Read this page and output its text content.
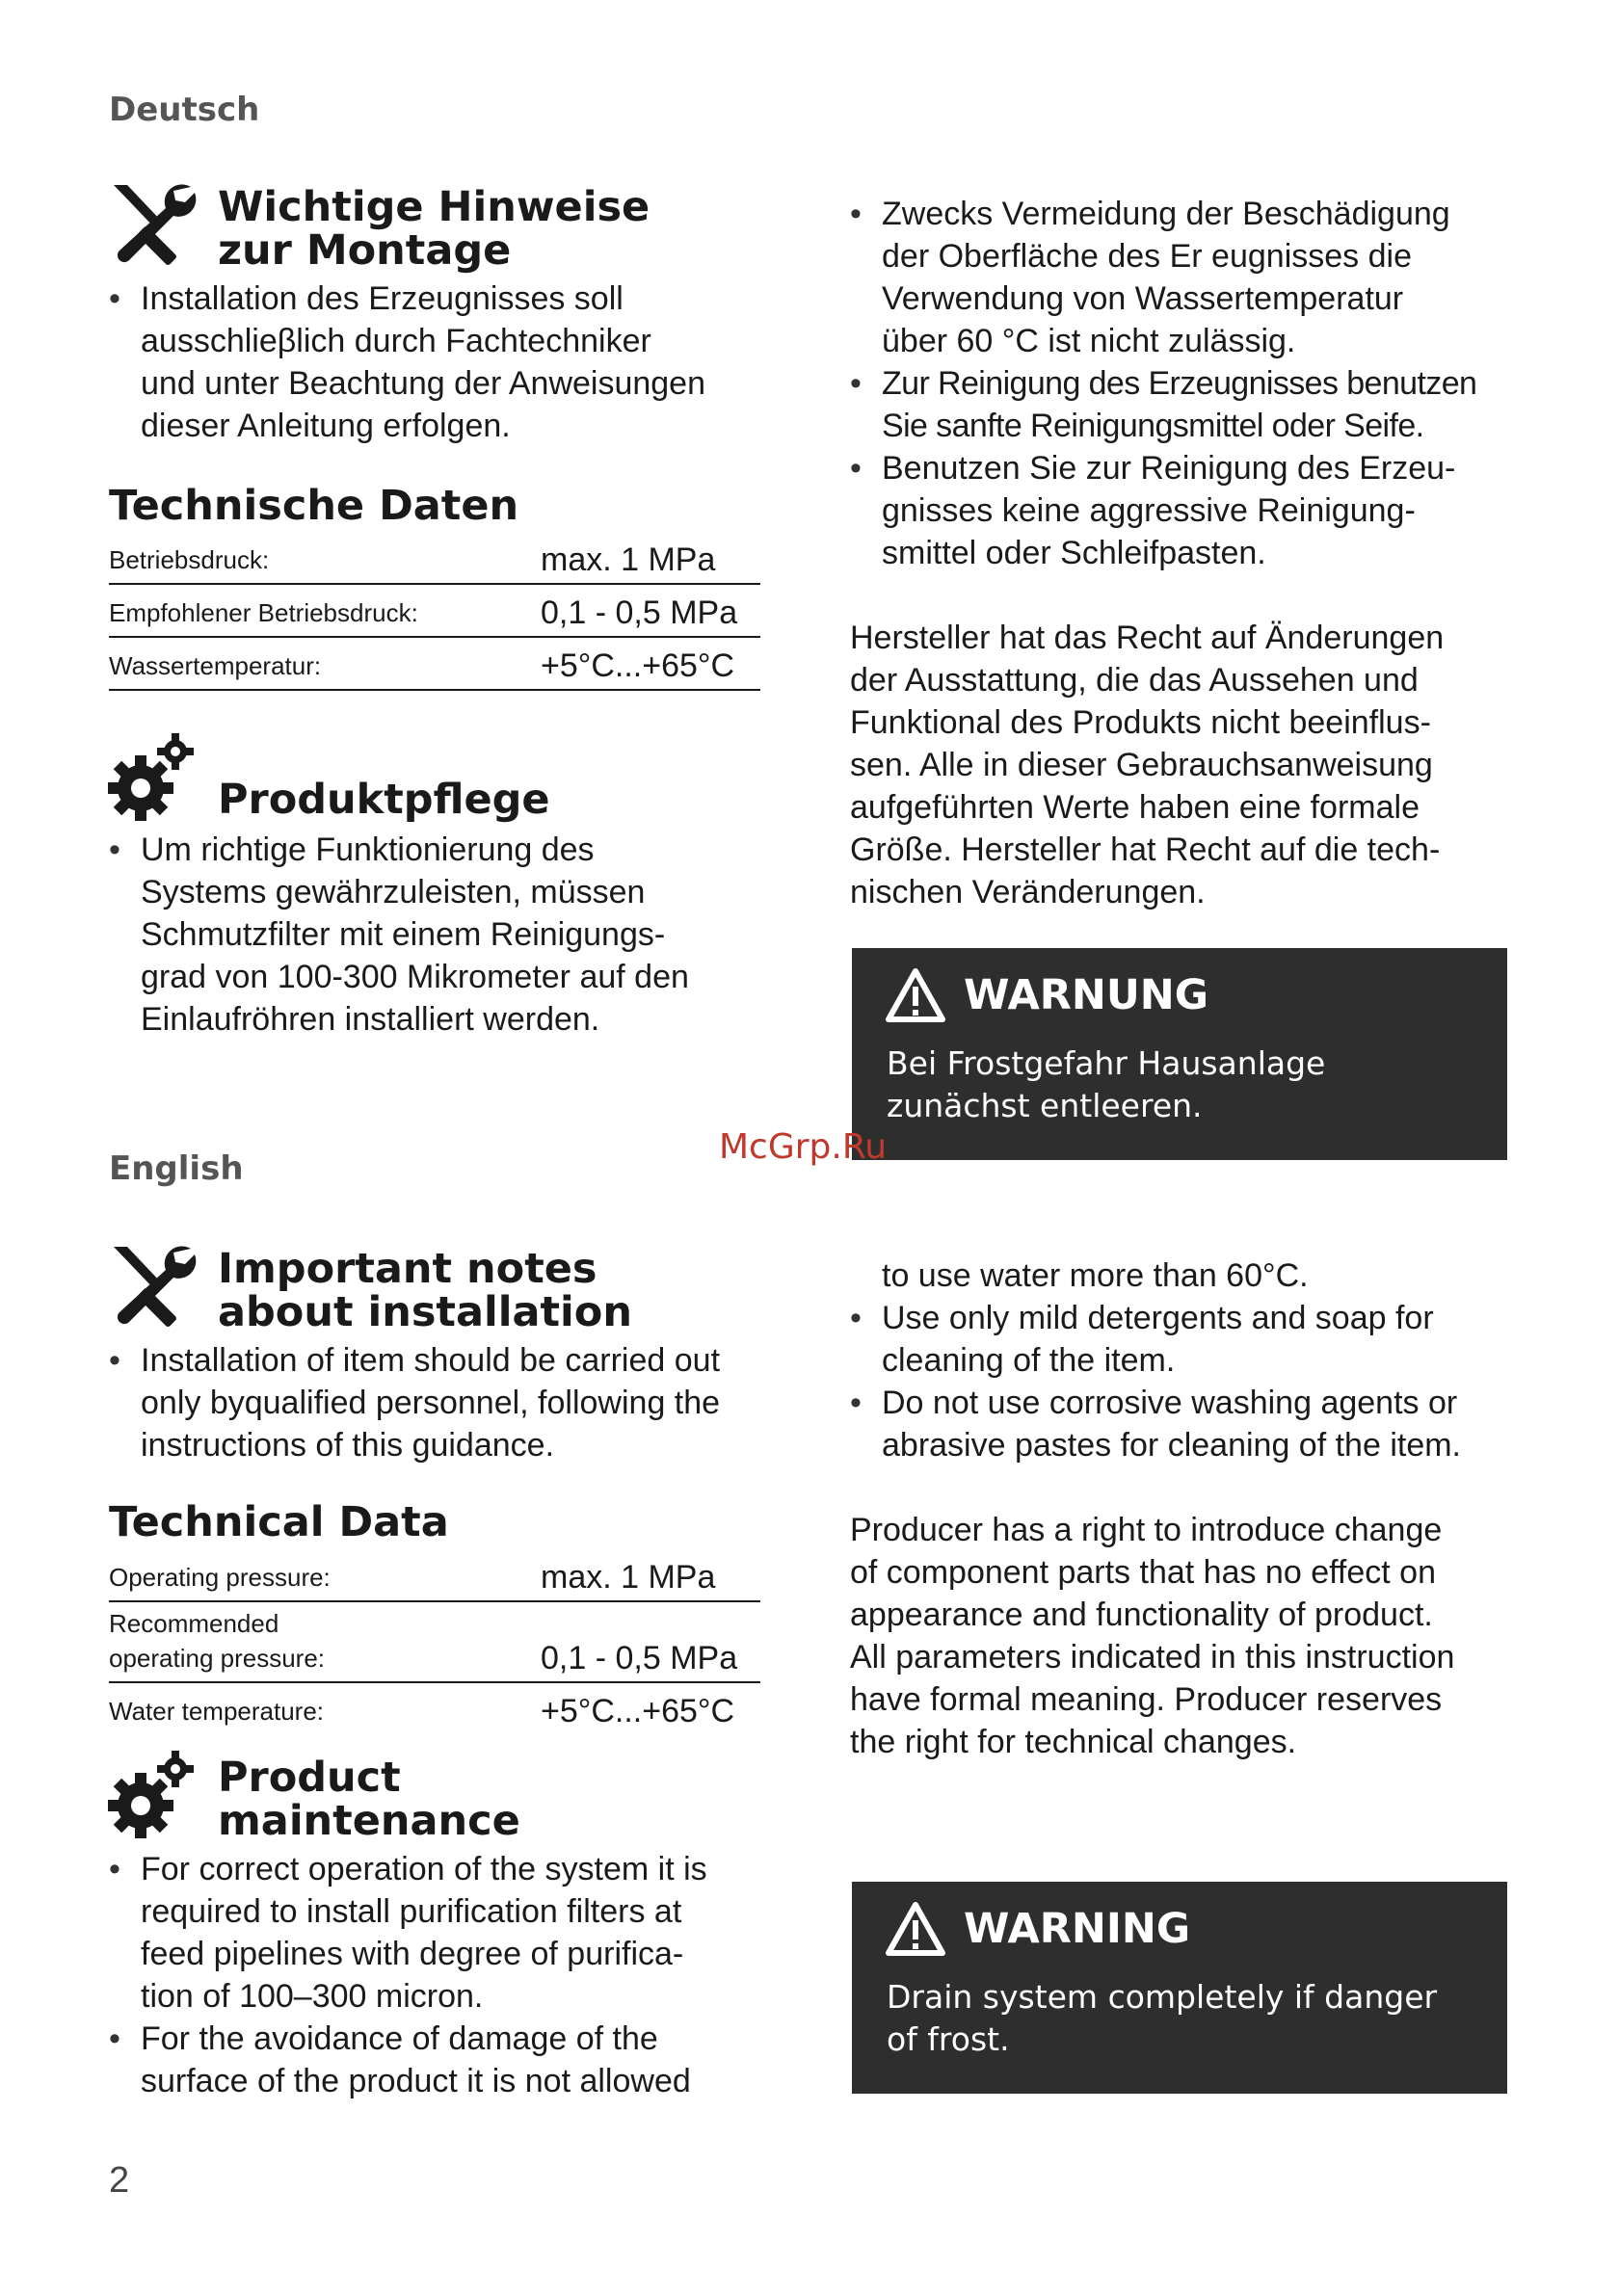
Deutsch
Wichtige Hinweise
zur Montage
• Installation des Erzeugnisses soll
ausschlieβlich durch Fachtechniker
und unter Beachtung der Anweisungen
dieser Anleitung erfolgen.
Technische Daten
Betriebsdruck:	max. 1 MPa
Empfohlener Betriebsdruck:	0,1 - 0,5 MPa
Wassertemperatur:	+5°C...+65°C
Produktpflege
• Um richtige Funktionierung des
Systems gewährzuleisten, müssen
Schmutzfilter mit einem Reinigungs-
grad von 100-300 Mikrometer auf den
Einlaufröhren installiert werden.
• Zwecks Vermeidung der Beschädigung
der Oberfläche des Er eugnisses die
Verwendung von Wassertemperatur
über 60 °C ist nicht zulässig.
• Zur Reinigung des Erzeugnisses benutzen
Sie sanfte Reinigungsmittel oder Seife.
• Benutzen Sie zur Reinigung des Erzeu-
gnisses keine aggressive Reinigung-
smittel oder Schleifpasten.
Hersteller hat das Recht auf Änderungen
der Ausstattung, die das Aussehen und
Funktional des Produkts nicht beeinflus-
sen. Alle in dieser Gebrauchsanweisung
aufgeführten Werte haben eine formale
Größe. Hersteller hat Recht auf die tech-
nischen Veränderungen.
WARNUNG
Bei Frostgefahr Hausanlage
zunächst entleeren.
McGrp.Ru
English
Important notes
about installation
• Installation of item should be carried out
only byqualified personnel, following the
instructions of this guidance.
Technical Data
Operating pressure:	max. 1 MPa

Recommended
operating pressure:	0,1 - 0,5 MPa
Water temperature:	+5°C...+65°C
Product
maintenance
• For correct operation of the system it is
required to install purification filters at
feed pipelines with degree of purifica-
tion of 100–300 micron.
• For the avoidance of damage of the
surface of the product it is not allowed
to use water more than 60°C.
• Use only mild detergents and soap for
cleaning of the item.
• Do not use corrosive washing agents or
abrasive pastes for cleaning of the item.
Producer has a right to introduce change
of component parts that has no effect on
appearance and functionality of product.
All parameters indicated in this instruction
have formal meaning. Producer reserves
the right for technical changes.
WARNING
Drain system completely if danger
of frost.
2
